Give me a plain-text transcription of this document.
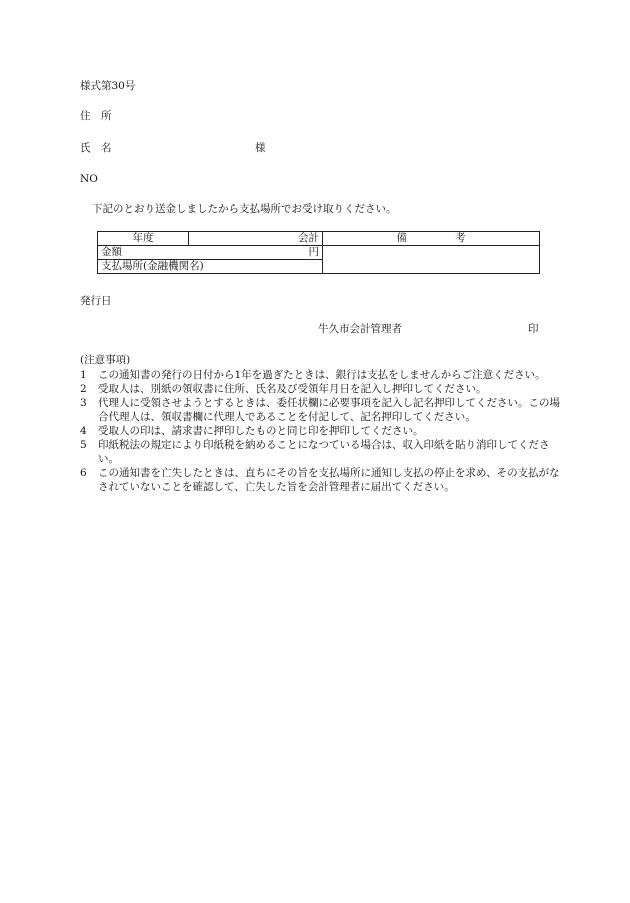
様式第30号
住　所
氏　名	様
NO
下記のとおり送金しましたから支払場所でお受け取りください。
年度	会計	備 考

金額 円		

支払場所(金融機関名)		
発行日
牛久市会計管理者	印
(注意事項)
1 この通知書の発行の日付から1年を過ぎたときは、銀行は支払をしませんからご注意ください。
2 受取人は、別紙の領収書に住所、氏名及び受領年月日を記入し押印してください。
3 代理人に受領させようとするときは、委任状欄に必要事項を記入し記名押印してください。この場合代理人は、領収書欄に代理人であることを付記して、記名押印してください。
4 受取人の印は、請求書に押印したものと同じ印を押印してください。
5 印紙税法の規定により印紙税を納めることになつている場合は、収入印紙を貼り消印してください。
6 この通知書を亡失したときは、直ちにその旨を支払場所に通知し支払の停止を求め、その支払がなされていないことを確認して、亡失した旨を会計管理者に届出てください。
